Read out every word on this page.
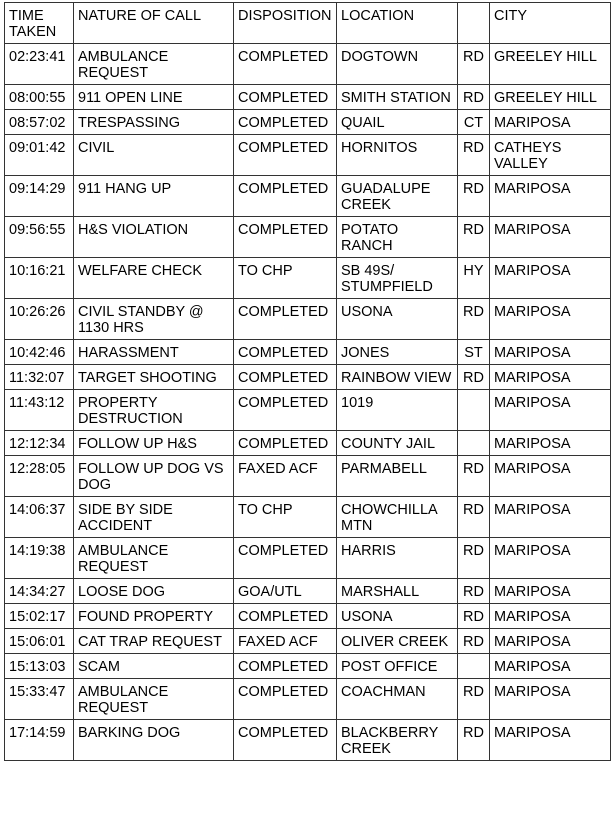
TIME TAKEN	NATURE OF CALL	DISPOSITION	LOCATION		CITY
02:23:41	AMBULANCE REQUEST	COMPLETED	DOGTOWN	RD	GREELEY HILL
08:00:55	911 OPEN LINE	COMPLETED	SMITH STATION	RD	GREELEY HILL
08:57:02	TRESPASSING	COMPLETED	QUAIL	CT	MARIPOSA
09:01:42	CIVIL	COMPLETED	HORNITOS	RD	CATHEYS VALLEY
09:14:29	911 HANG UP	COMPLETED	GUADALUPE CREEK	RD	MARIPOSA
09:56:55	H&S VIOLATION	COMPLETED	POTATO RANCH	RD	MARIPOSA
10:16:21	WELFARE CHECK	TO CHP	SB 49S/ STUMPFIELD	HY	MARIPOSA
10:26:26	CIVIL STANDBY @ 1130 HRS	COMPLETED	USONA	RD	MARIPOSA
10:42:46	HARASSMENT	COMPLETED	JONES	ST	MARIPOSA
11:32:07	TARGET SHOOTING	COMPLETED	RAINBOW VIEW	RD	MARIPOSA
11:43:12	PROPERTY DESTRUCTION	COMPLETED	1019		MARIPOSA
12:12:34	FOLLOW UP H&S	COMPLETED	COUNTY JAIL		MARIPOSA
12:28:05	FOLLOW UP DOG VS DOG	FAXED ACF	PARMABELL	RD	MARIPOSA
14:06:37	SIDE BY SIDE ACCIDENT	TO CHP	CHOWCHILLA MTN	RD	MARIPOSA
14:19:38	AMBULANCE REQUEST	COMPLETED	HARRIS	RD	MARIPOSA
14:34:27	LOOSE DOG	GOA/UTL	MARSHALL	RD	MARIPOSA
15:02:17	FOUND PROPERTY	COMPLETED	USONA	RD	MARIPOSA
15:06:01	CAT TRAP REQUEST	FAXED ACF	OLIVER CREEK	RD	MARIPOSA
15:13:03	SCAM	COMPLETED	POST OFFICE		MARIPOSA
15:33:47	AMBULANCE REQUEST	COMPLETED	COACHMAN	RD	MARIPOSA
17:14:59	BARKING DOG	COMPLETED	BLACKBERRY CREEK	RD	MARIPOSA
